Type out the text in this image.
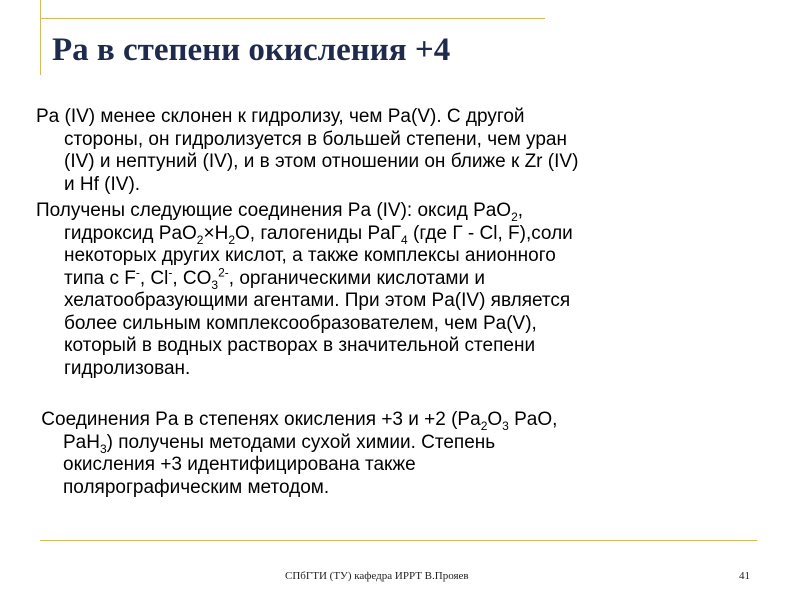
Pa в степени окисления +4

Pa (IV) менее склонен к гидролизу, чем Pa(V). С другой
стороны, он гидролизуется в большей степени, чем уран
(IV) и нептуний (IV), и в этом отношении он ближе к Zr (IV)
и Hf (IV).

Получены следующие соединения Pa (IV): оксид PaO$_2$,
гидроксид $PaO_2\times H_2O$, галогениды PaГ$_4$ (где Г - Cl, F),соли
некоторых других кислот, а также комплексы анионного
типа с F-, Cl-, $CO_3^{2-}$, органическими кислотами и
хелатообразующими агентами. При этом Pa(IV) является
более сильным комплексообразователем, чем Pa(V),
который в водных растворах в значительной степени
гидролизован.

Соединения Pa в степенях окисления +3 и +2 ($Pa_2O_3$ PaO,
PaH$_3$) получены методами сухой химии. Степень
окисления +3 идентифицирована также
полярографическим методом.

СПбГТИ (ТУ) кафедра ИРРТ В.Прояев	41
